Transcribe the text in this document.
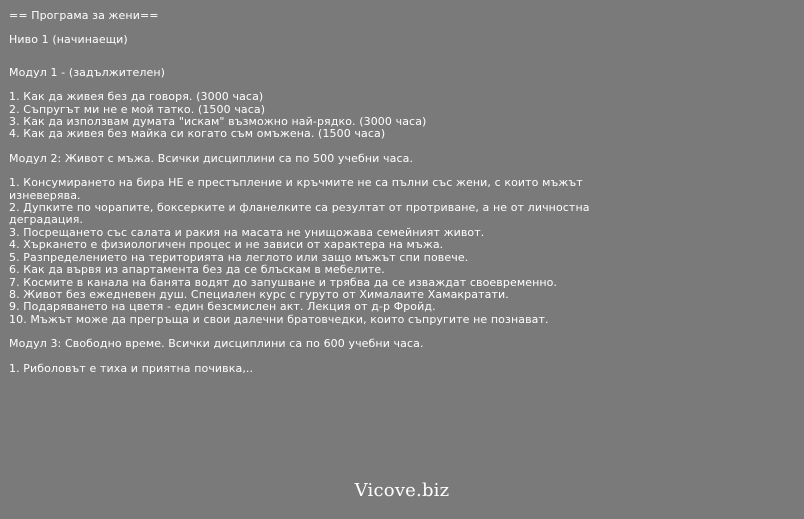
== Програма за жени==
Ниво 1 (начинаещи)
Модул 1 - (задължителен)
1. Как да живея без да говоря. (3000 часа)
2. Съпругът ми не е мой татко. (1500 часа)
3. Как да използвам думата "искам" възможно най-рядко. (3000 часа)
4. Как да живея без майка си когато съм омъжена. (1500 часа)
Модул 2: Живот с мъжа. Всички дисциплини са по 500 учебни часа.
1. Консумирането на бира НЕ е престъпление и кръчмите не са пълни със жени, с които мъжът изневерява.
2. Дупките по чорапите, боксерките и фланелките са резултат от протриване, а не от личностна деградация.
3. Посрещането със салата и ракия на масата не унищожава семейният живот.
4. Хъркането е физиологичен процес и не зависи от характера на мъжа.
5. Разпределението на територията на леглото или защо мъжът спи повече.
6. Как да вървя из апартамента без да се блъскам в мебелите.
7. Космите в канала на банята водят до запушване и трябва да се изваждат своевременно.
8. Живот без ежедневен душ. Специален курс с гуруто от Хималаите Хамакратати.
9. Подаряването на цветя - един безсмислен акт. Лекция от д-р Фройд.
10. Мъжът може да прегръща и свои далечни братовчедки, които съпругите не познават.
Модул 3: Свободно време. Всички дисциплини са по 600 учебни часа.
1. Риболовът е тиха и приятна почивка,..
Vicove.biz
